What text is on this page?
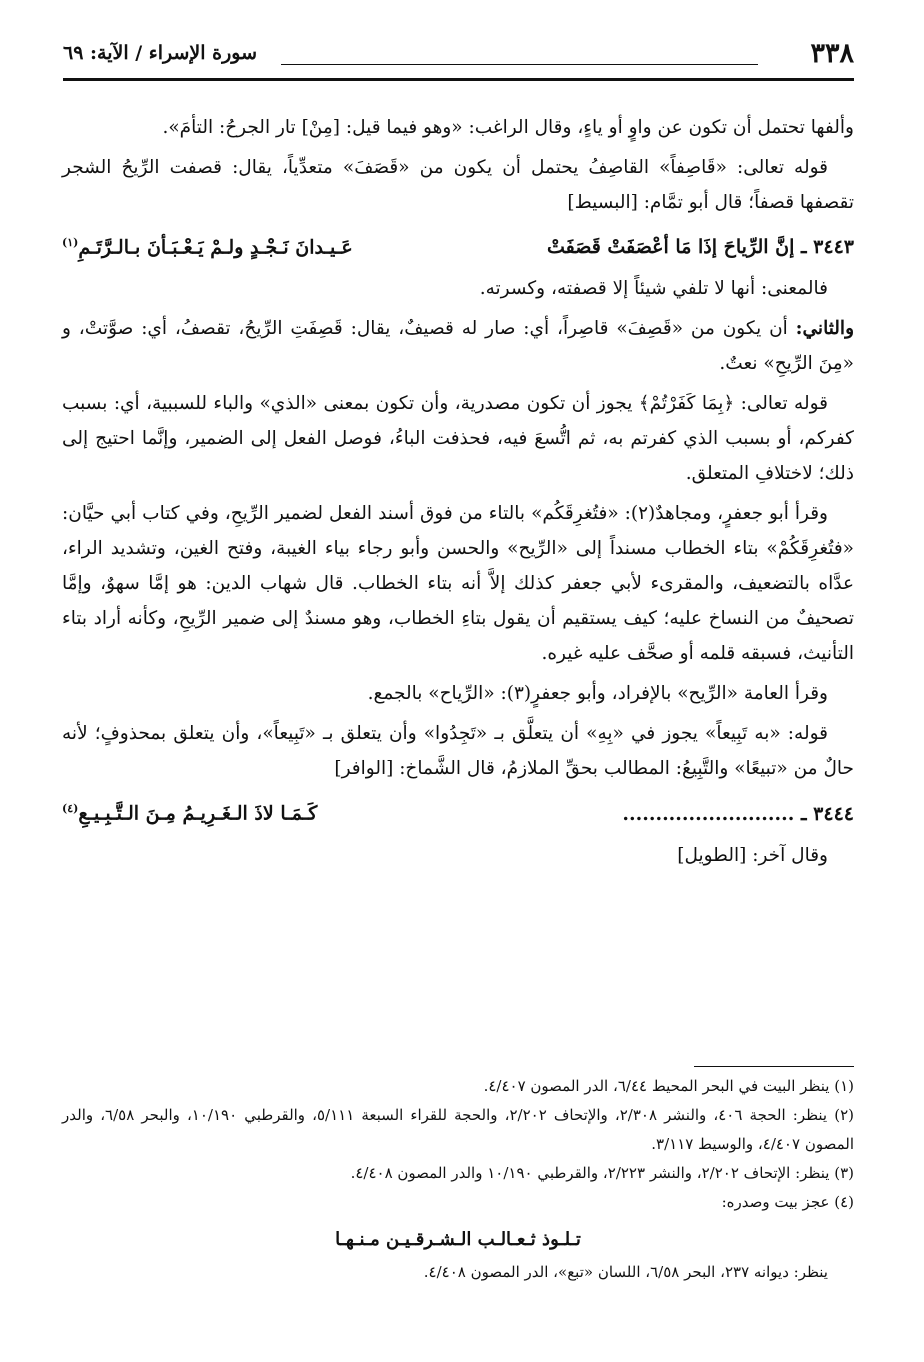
٣٣٨
سورة الإسراء / الآية: ٦٩

وألفها تحتمل أن تكون عن واوٍ أو ياءٍ، وقال الراغب: «وهو فيما قيل: [مِنْ] تار الجرحُ: التأمَ».

قوله تعالى: «قَاصِفاً» القاصِفُ يحتمل أن يكون من «قَصَفَ» متعدِّياً، يقال: قصفت الرِّيحُ الشجر تقصفها قصفاً؛ قال أبو تمَّام: [البسيط]

٣٤٤٣ ـ إنَّ الرِّياحَ إذَا مَا أعْصَفَتْ قَصَفَتْ
عَـيـدانَ نَـجْـدٍ ولـمْ يَـعْـبَـأنَ بـالـرَّتَـمِ$^{(١)}$

فالمعنى: أنها لا تلفي شيئاً إلا قصفته، وكسرته.

والثاني: أن يكون من «قَصِفَ» قاصِراً، أي: صار له قصيفٌ، يقال: قَصِفَتِ الرِّيحُ، تقصفُ، أي: صوَّتتْ، و «مِنَ الرِّيحِ» نعتٌ.

قوله تعالى: ﴿بِمَا كَفَرْتُمْ﴾ يجوز أن تكون مصدرية، وأن تكون بمعنى «الذي» والباء للسببية، أي: بسبب كفركم، أو بسبب الذي كفرتم به، ثم اتُّسعَ فيه، فحذفت الباءُ، فوصل الفعل إلى الضمير، وإنَّما احتيج إلى ذلك؛ لاختلافِ المتعلق.

وقرأ أبو جعفرٍ، ومجاهدٌ(٢): «فتُغرِقَكُم» بالتاء من فوق أسند الفعل لضمير الرِّيحِ، وفي كتاب أبي حيَّان: «فتُغرِقَكُمْ» بتاء الخطاب مسنداً إلى «الرِّيح» والحسن وأبو رجاء بياء الغيبة، وفتح الغين، وتشديد الراء، عدَّاه بالتضعيف، والمقرىء لأبي جعفر كذلك إلاَّ أنه بتاء الخطاب. قال شهاب الدين: هو إمَّا سهوٌ، وإمَّا تصحيفٌ من النساخ عليه؛ كيف يستقيم أن يقول بتاءِ الخطاب، وهو مسندٌ إلى ضمير الرِّيحِ، وكأنه أراد بتاء التأنيث، فسبقه قلمه أو صحَّف عليه غيره.

وقرأ العامة «الرِّيح» بالإفراد، وأبو جعفرٍ(٣): «الرِّياح» بالجمع.

قوله: «به تَبِيعاً» يجوز في «بِهِ» أن يتعلَّق بـ «تَجِدُوا» وأن يتعلق بـ «تَبِيعاً»، وأن يتعلق بمحذوفٍ؛ لأنه حالٌ من «تبيعًا» والتَّبِيعُ: المطالب بحقِّ الملازمُ، قال الشَّماخ: [الوافر]

٣٤٤٤ ـ ..........................
كَـمَـا لاذَ الـغَـرِيـمُ مِـنَ الـتَّـبِـيـعِ$^{(٤)}$

وقال آخر: [الطويل]

(١) ينظر البيت في البحر المحيط ٦/٤٤، الدر المصون ٤/٤٠٧.

(٢) ينظر: الحجة ٤٠٦، والنشر ٢/٣٠٨، والإتحاف ٢/٢٠٢، والحجة للقراء السبعة ٥/١١١، والقرطبي ١٠/١٩٠، والبحر ٦/٥٨، والدر المصون ٤/٤٠٧، والوسيط ٣/١١٧.

(٣) ينظر: الإتحاف ٢/٢٠٢، والنشر ٢/٢٢٣، والقرطبي ١٠/١٩٠ والدر المصون ٤/٤٠٨.

(٤) عجز بيت وصدره:

تـلـوذ ثـعـالـب الـشـرقـيـن مـنـهـا

ينظر: ديوانه ٢٣٧، البحر ٦/٥٨، اللسان «تبع»، الدر المصون ٤/٤٠٨.
